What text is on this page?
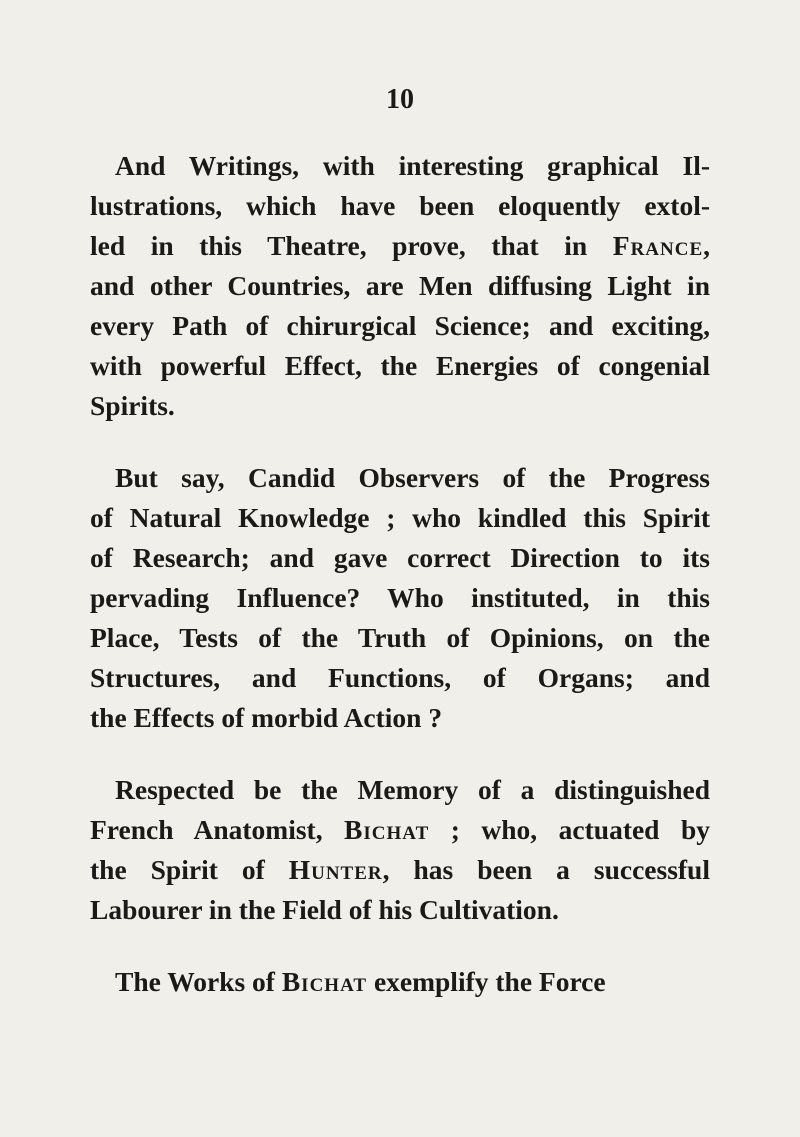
10
And Writings, with interesting graphical Il-
lustrations, which have been eloquently extol-
led in this Theatre, prove, that in France,
and other Countries, are Men diffusing Light in
every Path of chirurgical Science; and exciting,
with powerful Effect, the Energies of congenial
Spirits.
But say, Candid Observers of the Progress
of Natural Knowledge ; who kindled this Spirit
of Research; and gave correct Direction to its
pervading Influence? Who instituted, in this
Place, Tests of the Truth of Opinions, on the
Structures, and Functions, of Organs; and
the Effects of morbid Action ?
Respected be the Memory of a distinguished
French Anatomist, Bichat ; who, actuated by
the Spirit of Hunter, has been a successful
Labourer in the Field of his Cultivation.
The Works of Bichat exemplify the Force
